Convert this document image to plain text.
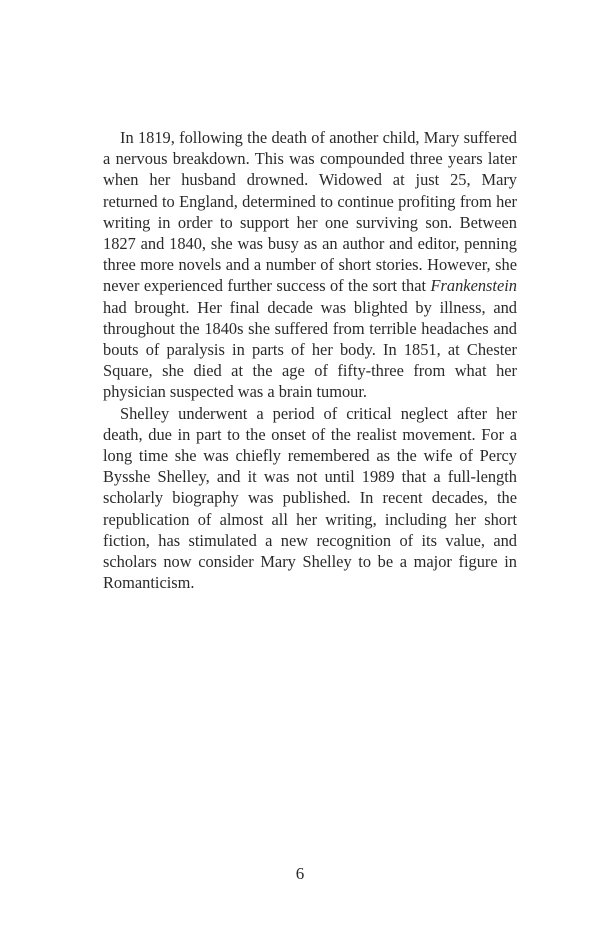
In 1819, following the death of another child, Mary suffered a nervous breakdown. This was compounded three years later when her husband drowned. Widowed at just 25, Mary returned to England, determined to continue profiting from her writing in order to support her one surviving son. Between 1827 and 1840, she was busy as an author and editor, penning three more novels and a number of short stories. However, she never experienced further success of the sort that Frankenstein had brought. Her final decade was blighted by illness, and throughout the 1840s she suffered from terrible headaches and bouts of paralysis in parts of her body. In 1851, at Chester Square, she died at the age of fifty-three from what her physician suspected was a brain tumour.

Shelley underwent a period of critical neglect after her death, due in part to the onset of the realist movement. For a long time she was chiefly remembered as the wife of Percy Bysshe Shelley, and it was not until 1989 that a full-length scholarly biography was published. In recent decades, the republication of almost all her writing, including her short fiction, has stimulated a new recognition of its value, and scholars now consider Mary Shelley to be a major figure in Romanticism.

6
